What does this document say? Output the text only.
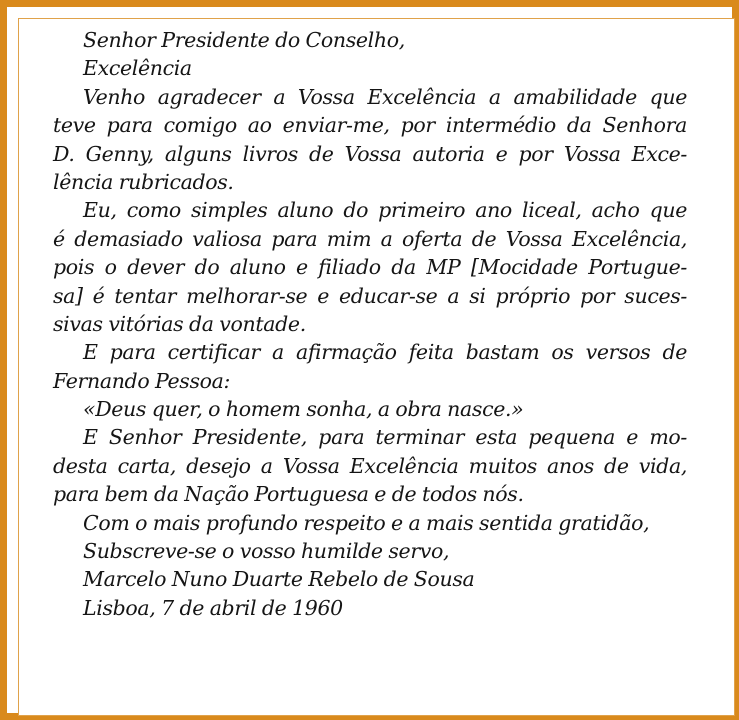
Senhor Presidente do Conselho,
Excelência
Venho agradecer a Vossa Excelência a amabilidade que
teve para comigo ao enviar-me, por intermédio da Senhora
D. Genny, alguns livros de Vossa autoria e por Vossa Exce-
lência rubricados.
Eu, como simples aluno do primeiro ano liceal, acho que
é demasiado valiosa para mim a oferta de Vossa Excelência,
pois o dever do aluno e filiado da MP [Mocidade Portugue-
sa] é tentar melhorar-se e educar-se a si próprio por suces-
sivas vitórias da vontade.
E para certificar a afirmação feita bastam os versos de
Fernando Pessoa:
«Deus quer, o homem sonha, a obra nasce.»
E Senhor Presidente, para terminar esta pequena e mo-
desta carta, desejo a Vossa Excelência muitos anos de vida,
para bem da Nação Portuguesa e de todos nós.
Com o mais profundo respeito e a mais sentida gratidão,
Subscreve-se o vosso humilde servo,
Marcelo Nuno Duarte Rebelo de Sousa
Lisboa, 7 de abril de 1960
